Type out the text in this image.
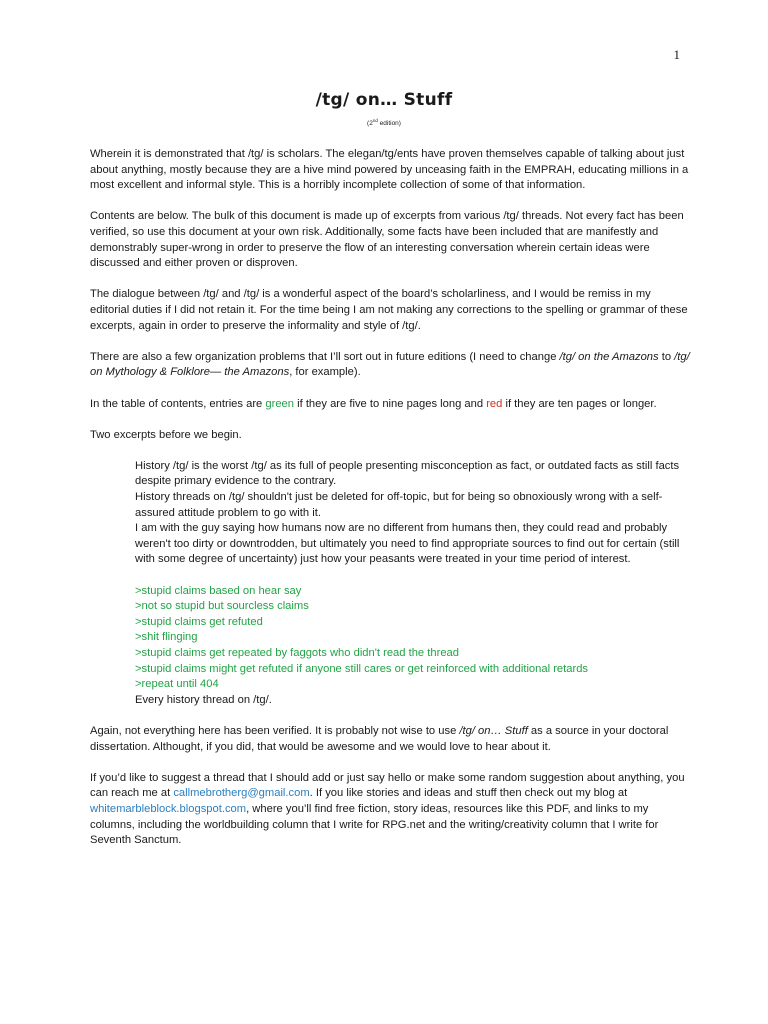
1
/tg/ on… Stuff
(2nd edition)

Wherein it is demonstrated that /tg/ is scholars. The elegan/tg/ents have proven themselves capable of talking about just about anything, mostly because they are a hive mind powered by unceasing faith in the EMPRAH, educating millions in a most excellent and informal style. This is a horribly incomplete collection of some of that information.

Contents are below. The bulk of this document is made up of excerpts from various /tg/ threads. Not every fact has been verified, so use this document at your own risk. Additionally, some facts have been included that are manifestly and demonstrably super-wrong in order to preserve the flow of an interesting conversation wherein certain ideas were discussed and either proven or disproven.

The dialogue between /tg/ and /tg/ is a wonderful aspect of the board’s scholarliness, and I would be remiss in my editorial duties if I did not retain it. For the time being I am not making any corrections to the spelling or grammar of these excerpts, again in order to preserve the informality and style of /tg/.

There are also a few organization problems that I’ll sort out in future editions (I need to change /tg/ on the Amazons to /tg/ on Mythology & Folklore— the Amazons, for example).

In the table of contents, entries are green if they are five to nine pages long and red if they are ten pages or longer.

Two excerpts before we begin.

History /tg/ is the worst /tg/ as its full of people presenting misconception as fact, or outdated facts as still facts despite primary evidence to the contrary.
History threads on /tg/ shouldn't just be deleted for off-topic, but for being so obnoxiously wrong with a self-assured attitude problem to go with it.
I am with the guy saying how humans now are no different from humans then, they could read and probably weren't too dirty or downtrodden, but ultimately you need to find appropriate sources to find out for certain (still with some degree of uncertainty) just how your peasants were treated in your time period of interest.
>stupid claims based on hear say
>not so stupid but sourcless claims
>stupid claims get refuted
>shit flinging
>stupid claims get repeated by faggots who didn't read the thread
>stupid claims might get refuted if anyone still cares or get reinforced with additional retards
>repeat until 404
Every history thread on /tg/.

Again, not everything here has been verified. It is probably not wise to use /tg/ on… Stuff as a source in your doctoral dissertation. Althought, if you did, that would be awesome and we would love to hear about it.

If you’d like to suggest a thread that I should add or just say hello or make some random suggestion about anything, you can reach me at callmebrotherg@gmail.com. If you like stories and ideas and stuff then check out my blog at whitemarbleblock.blogspot.com, where you’ll find free fiction, story ideas, resources like this PDF, and links to my columns, including the worldbuilding column that I write for RPG.net and the writing/creativity column that I write for Seventh Sanctum.
